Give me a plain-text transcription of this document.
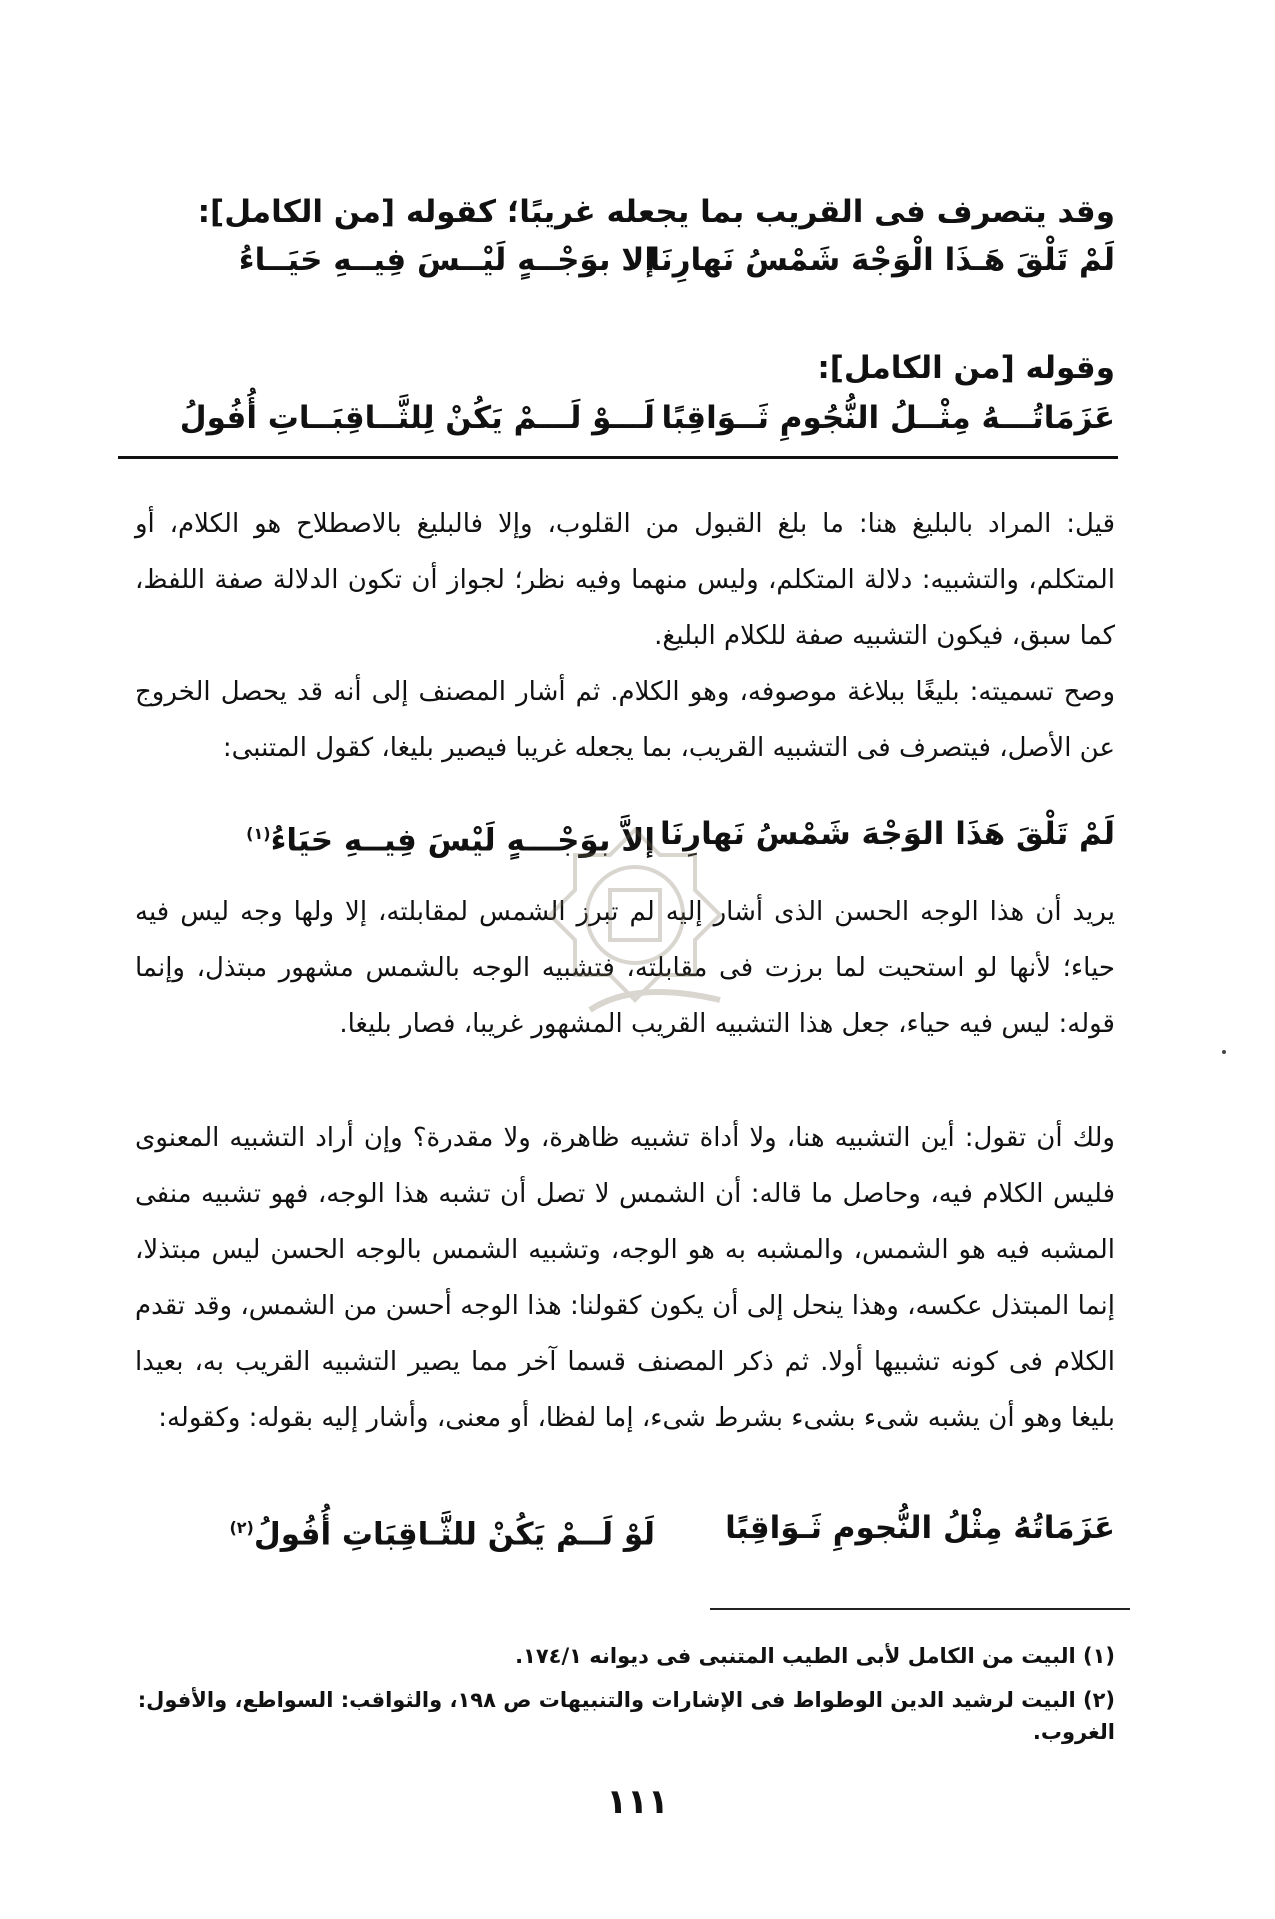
وقد يتصرف فى القريب بما يجعله غريبًا؛ كقوله [من الكامل]:
لَمْ تَلْقَ هَـذَا الْوَجْهَ شَمْسُ نَهارِنَا
إلا بوَجْــهٍ لَيْــسَ فِيــهِ حَيَــاءُ
وقوله [من الكامل]:
عَزَمَاتُـــهُ مِثْــلُ النُّجُومِ ثَــوَاقِبًا
لَـــوْ لَـــمْ يَكُنْ لِلثَّــاقِبَــاتِ أُفُولُ
قيل: المراد بالبليغ هنا: ما بلغ القبول من القلوب، وإلا فالبليغ بالاصطلاح هو الكلام، أو المتكلم، والتشبيه: دلالة المتكلم، وليس منهما وفيه نظر؛ لجواز أن تكون الدلالة صفة اللفظ، كما سبق، فيكون التشبيه صفة للكلام البليغ.
وصح تسميته: بليغًا ببلاغة موصوفه، وهو الكلام. ثم أشار المصنف إلى أنه قد يحصل الخروج عن الأصل، فيتصرف فى التشبيه القريب، بما يجعله غريبا فيصير بليغا، كقول المتنبى:
لَمْ تَلْقَ هَذَا الوَجْهَ شَمْسُ نَهارِنَا
إلاَّ بوَجْـــهٍ لَيْسَ فِيــهِ حَيَاءُ$^{(١)}$
يريد أن هذا الوجه الحسن الذى أشار إليه لم تبرز الشمس لمقابلته، إلا ولها وجه ليس فيه حياء؛ لأنها لو استحيت لما برزت فى مقابلته، فتشبيه الوجه بالشمس مشهور مبتذل، وإنما قوله: ليس فيه حياء، جعل هذا التشبيه القريب المشهور غريبا، فصار بليغا.
ولك أن تقول: أين التشبيه هنا، ولا أداة تشبيه ظاهرة، ولا مقدرة؟ وإن أراد التشبيه المعنوى فليس الكلام فيه، وحاصل ما قاله: أن الشمس لا تصل أن تشبه هذا الوجه، فهو تشبيه منفى المشبه فيه هو الشمس، والمشبه به هو الوجه، وتشبيه الشمس بالوجه الحسن ليس مبتذلا، إنما المبتذل عكسه، وهذا ينحل إلى أن يكون كقولنا: هذا الوجه أحسن من الشمس، وقد تقدم الكلام فى كونه تشبيها أولا. ثم ذكر المصنف قسما آخر مما يصير التشبيه القريب به، بعيدا بليغا وهو أن يشبه شىء بشىء بشرط شىء، إما لفظا، أو معنى، وأشار إليه بقوله: وكقوله:
عَزَمَاتُهُ مِثْلُ النُّجومِ ثَـوَاقِبًا
لَوْ لَــمْ يَكُنْ للثَّـاقِبَاتِ أُفُولُ$^{(٢)}$
(١) البيت من الكامل لأبى الطيب المتنبى فى ديوانه ١٧٤/١.
(٢) البيت لرشيد الدين الوطواط فى الإشارات والتنبيهات ص ١٩٨، والثواقب: السواطع، والأفول: الغروب.
١١١
